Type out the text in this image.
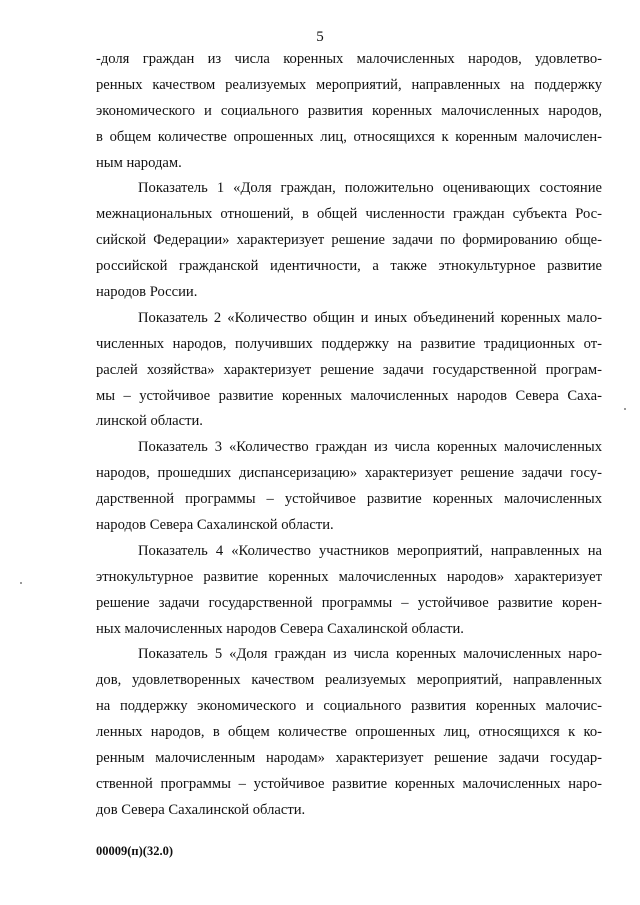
5
-доля граждан из числа коренных малочисленных народов, удовлетво-
ренных качеством реализуемых мероприятий, направленных на поддержку
экономического и социального развития коренных малочисленных народов,
в общем количестве опрошенных лиц, относящихся к коренным малочислен-
ным народам.
Показатель 1 «Доля граждан, положительно оценивающих состояние
межнациональных отношений, в общей численности граждан субъекта Рос-
сийской Федерации» характеризует решение задачи по формированию обще-
российской гражданской идентичности, а также этнокультурное развитие
народов России.
Показатель 2 «Количество общин и иных объединений коренных мало-
численных народов, получивших поддержку на развитие традиционных от-
раслей хозяйства» характеризует решение задачи государственной програм-
мы – устойчивое развитие коренных малочисленных народов Севера Саха-
линской области.
Показатель 3 «Количество граждан из числа коренных малочисленных
народов, прошедших диспансеризацию» характеризует решение задачи госу-
дарственной программы – устойчивое развитие коренных малочисленных
народов Севера Сахалинской области.
Показатель 4 «Количество участников мероприятий, направленных на
этнокультурное развитие коренных малочисленных народов» характеризует
решение задачи государственной программы – устойчивое развитие корен-
ных малочисленных народов Севера Сахалинской области.
Показатель 5 «Доля граждан из числа коренных малочисленных наро-
дов, удовлетворенных качеством реализуемых мероприятий, направленных
на поддержку экономического и социального развития коренных малочис-
ленных народов, в общем количестве опрошенных лиц, относящихся к ко-
ренным малочисленным народам» характеризует решение задачи государ-
ственной программы – устойчивое развитие коренных малочисленных наро-
дов Севера Сахалинской области.
00009(п)(32.0)
